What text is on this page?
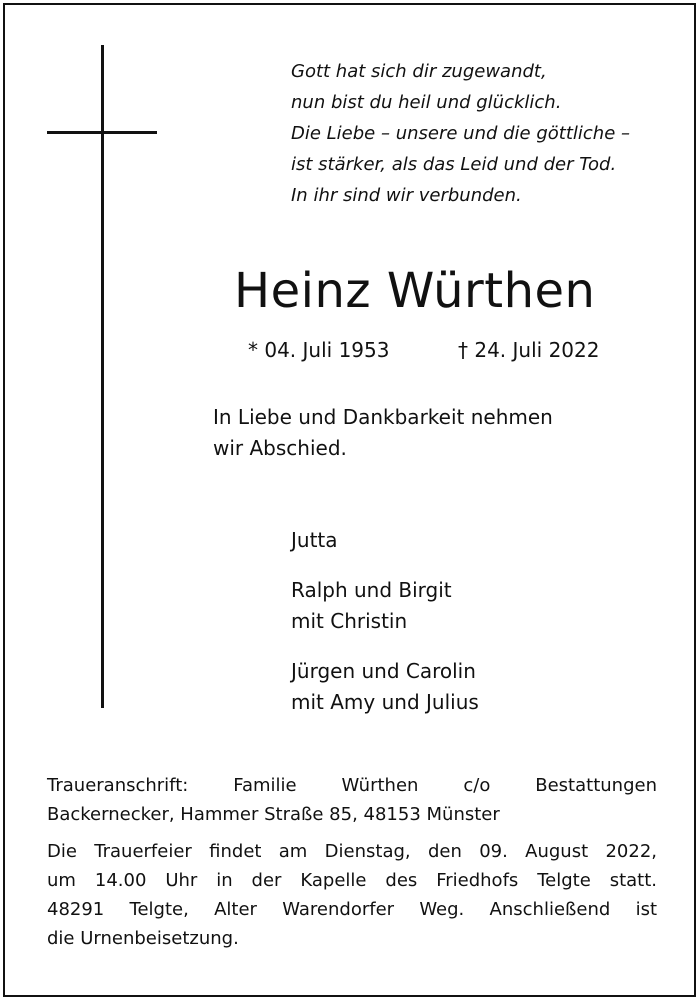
Gott hat sich dir zugewandt,
nun bist du heil und glücklich.
Die Liebe – unsere und die göttliche –
ist stärker, als das Leid und der Tod.
In ihr sind wir verbunden.
Heinz Würthen
* 04. Juli 1953	† 24. Juli 2022
In Liebe und Dankbarkeit nehmen
wir Abschied.
Jutta
Ralph und Birgit
mit Christin
Jürgen und Carolin
mit Amy und Julius
Traueranschrift: Familie Würthen c/o Bestattungen
Backernecker, Hammer Straße 85, 48153 Münster
Die Trauerfeier findet am Dienstag, den 09. August 2022,
um 14.00 Uhr in der Kapelle des Friedhofs Telgte statt.
48291 Telgte, Alter Warendorfer Weg. Anschließend ist
die Urnenbeisetzung.
